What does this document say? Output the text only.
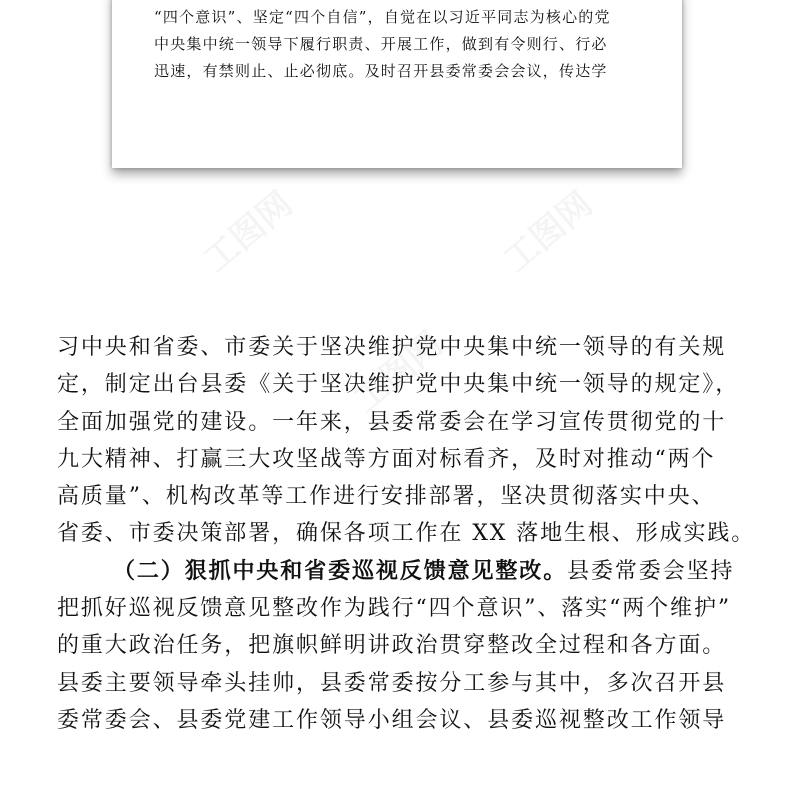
“四个意识”、坚定“四个自信”，自觉在以习近平同志为核心的党
中央集中统一领导下履行职责、开展工作，做到有令则行、行必
迅速，有禁则止、止必彻底。及时召开县委常委会会议，传达学

习中央和省委、市委关于坚决维护党中央集中统一领导的有关规
定，制定出台县委《关于坚决维护党中央集中统一领导的规定》，
全面加强党的建设。一年来，县委常委会在学习宣传贯彻党的十
九大精神、打赢三大攻坚战等方面对标看齐，及时对推动“两个
高质量”、机构改革等工作进行安排部署，坚决贯彻落实中央、
省委、市委决策部署，确保各项工作在 XX 落地生根、形成实践。
（二）狠抓中央和省委巡视反馈意见整改。县委常委会坚持
把抓好巡视反馈意见整改作为践行“四个意识”、落实“两个维护”
的重大政治任务，把旗帜鲜明讲政治贯穿整改全过程和各方面。
县委主要领导牵头挂帅，县委常委按分工参与其中，多次召开县
委常委会、县委党建工作领导小组会议、县委巡视整改工作领导
